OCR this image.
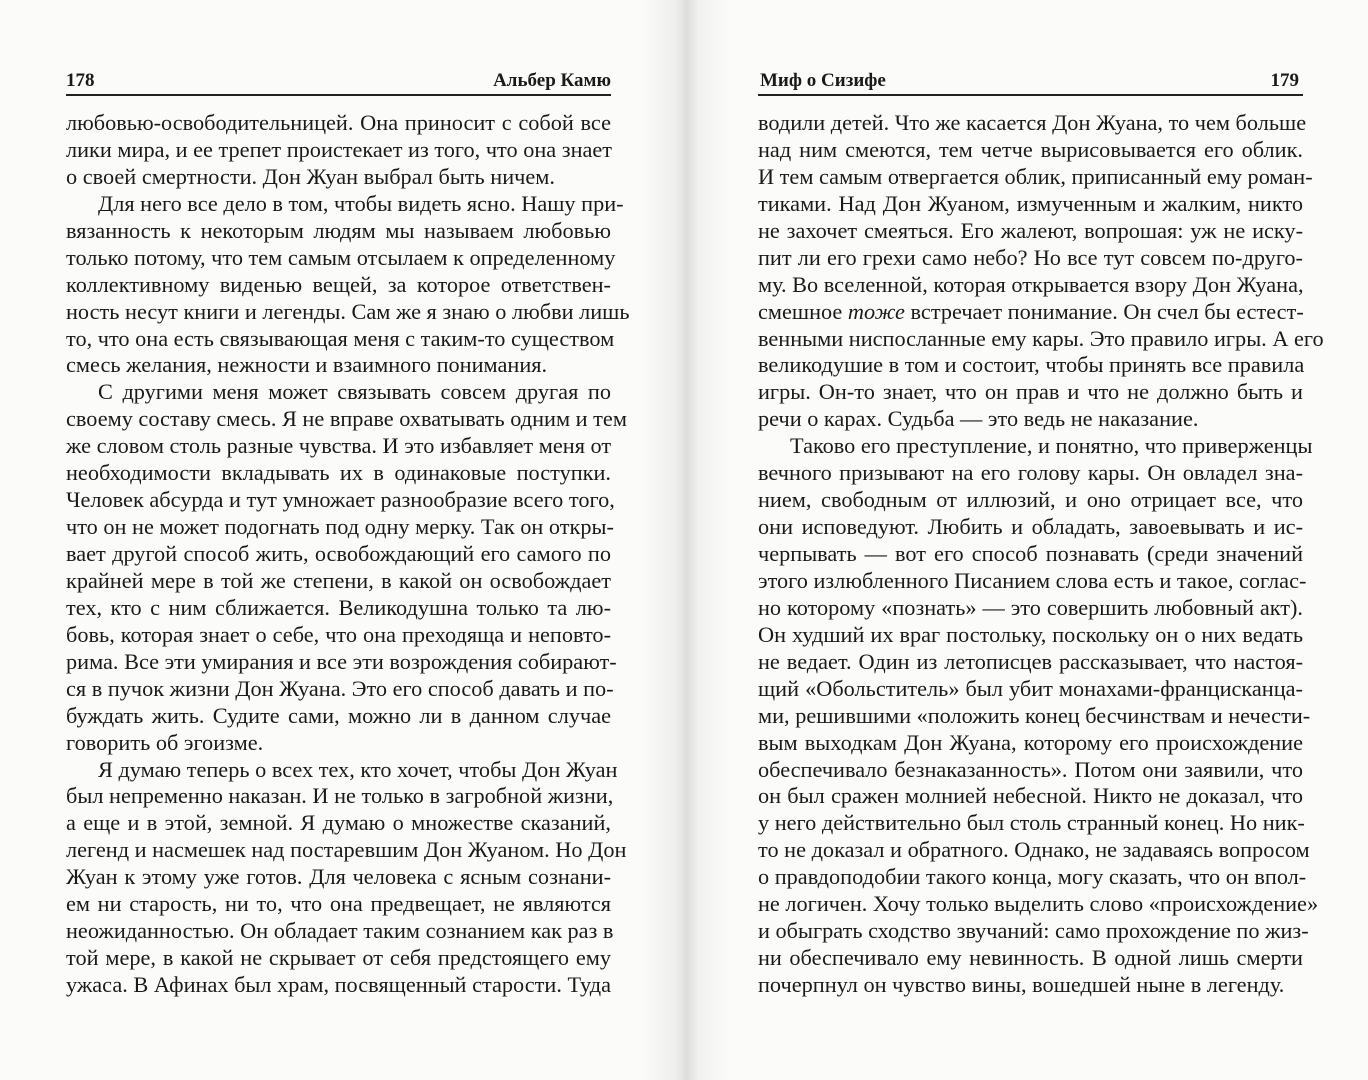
178	Альбер Камю
любовью-освободительницей. Она приносит с собой все
лики мира, и ее трепет проистекает из того, что она знает
о своей смертности. Дон Жуан выбрал быть ничем.
Для него все дело в том, чтобы видеть ясно. Нашу при-
вязанность к некоторым людям мы называем любовью
только потому, что тем самым отсылаем к определенному
коллективному виденью вещей, за которое ответствен-
ность несут книги и легенды. Сам же я знаю о любви лишь
то, что она есть связывающая меня с таким-то существом
смесь желания, нежности и взаимного понимания.
С другими меня может связывать совсем другая по
своему составу смесь. Я не вправе охватывать одним и тем
же словом столь разные чувства. И это избавляет меня от
необходимости вкладывать их в одинаковые поступки.
Человек абсурда и тут умножает разнообразие всего того,
что он не может подогнать под одну мерку. Так он откры-
вает другой способ жить, освобождающий его самого по
крайней мере в той же степени, в какой он освобождает
тех, кто с ним сближается. Великодушна только та лю-
бовь, которая знает о себе, что она преходяща и неповто-
рима. Все эти умирания и все эти возрождения собирают-
ся в пучок жизни Дон Жуана. Это его способ давать и по-
буждать жить. Судите сами, можно ли в данном случае
говорить об эгоизме.
Я думаю теперь о всех тех, кто хочет, чтобы Дон Жуан
был непременно наказан. И не только в загробной жизни,
а еще и в этой, земной. Я думаю о множестве сказаний,
легенд и насмешек над постаревшим Дон Жуаном. Но Дон
Жуан к этому уже готов. Для человека с ясным сознани-
ем ни старость, ни то, что она предвещает, не являются
неожиданностью. Он обладает таким сознанием как раз в
той мере, в какой не скрывает от себя предстоящего ему
ужаса. В Афинах был храм, посвященный старости. Туда
Миф о Сизифе	179
водили детей. Что же касается Дон Жуана, то чем больше
над ним смеются, тем четче вырисовывается его облик.
И тем самым отвергается облик, приписанный ему роман-
тиками. Над Дон Жуаном, измученным и жалким, никто
не захочет смеяться. Его жалеют, вопрошая: уж не иску-
пит ли его грехи само небо? Но все тут совсем по-друго-
му. Во вселенной, которая открывается взору Дон Жуана,
смешное тоже встречает понимание. Он счел бы естест-
венными ниспосланные ему кары. Это правило игры. А его
великодушие в том и состоит, чтобы принять все правила
игры. Он-то знает, что он прав и что не должно быть и
речи о карах. Судьба — это ведь не наказание.
Таково его преступление, и понятно, что приверженцы
вечного призывают на его голову кары. Он овладел зна-
нием, свободным от иллюзий, и оно отрицает все, что
они исповедуют. Любить и обладать, завоевывать и ис-
черпывать — вот его способ познавать (среди значений
этого излюбленного Писанием слова есть и такое, соглас-
но которому «познать» — это совершить любовный акт).
Он худший их враг постольку, поскольку он о них ведать
не ведает. Один из летописцев рассказывает, что настоя-
щий «Обольститель» был убит монахами-францисканца-
ми, решившими «положить конец бесчинствам и нечести-
вым выходкам Дон Жуана, которому его происхождение
обеспечивало безнаказанность». Потом они заявили, что
он был сражен молнией небесной. Никто не доказал, что
у него действительно был столь странный конец. Но ник-
то не доказал и обратного. Однако, не задаваясь вопросом
о правдоподобии такого конца, могу сказать, что он впол-
не логичен. Хочу только выделить слово «происхождение»
и обыграть сходство звучаний: само прохождение по жиз-
ни обеспечивало ему невинность. В одной лишь смерти
почерпнул он чувство вины, вошедшей ныне в легенду.
